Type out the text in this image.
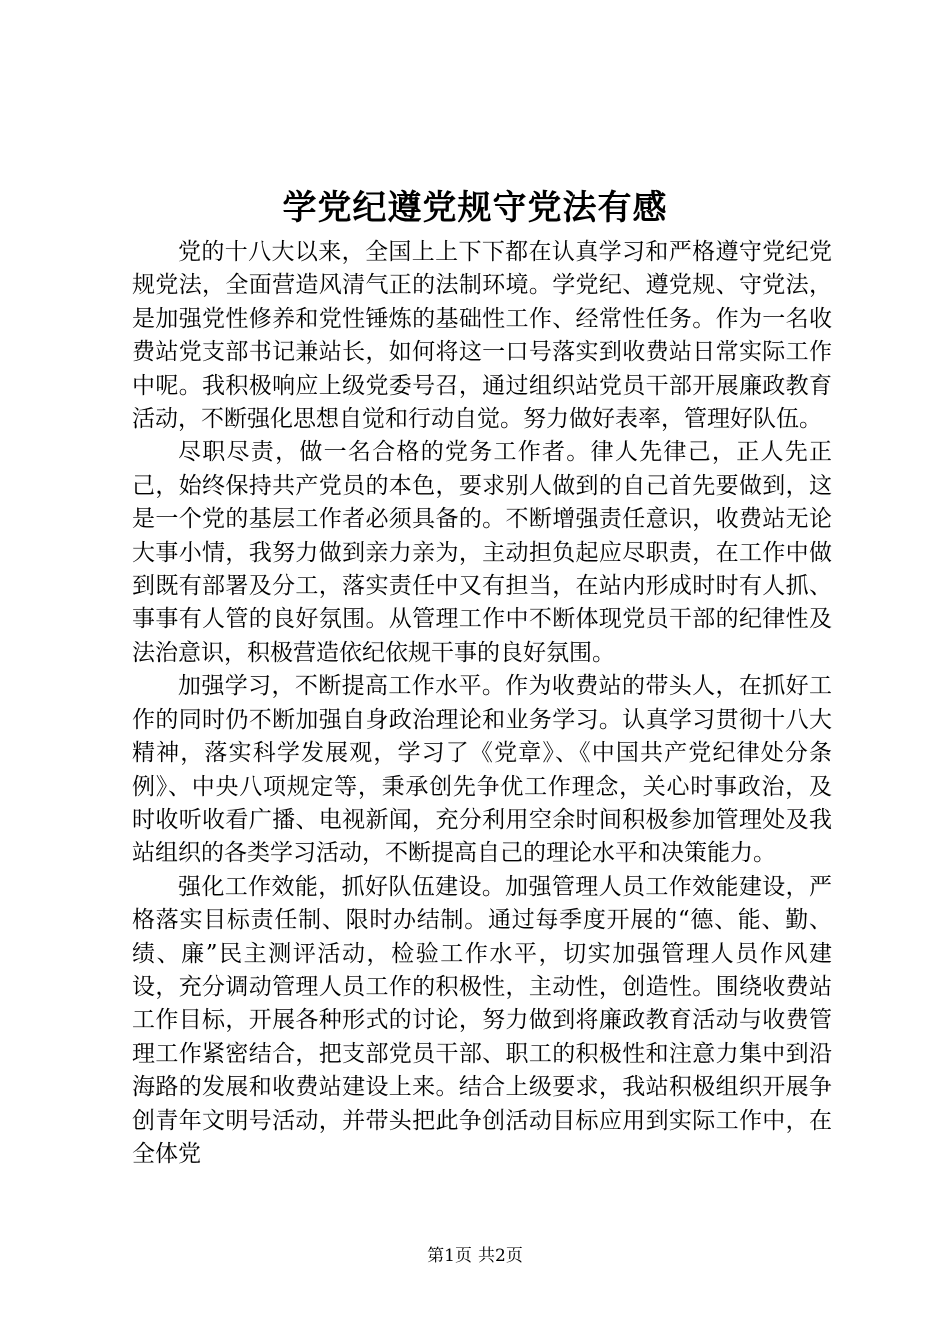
学党纪遵党规守党法有感

党的十八大以来，全国上上下下都在认真学习和严格遵守党纪党规党法，全面营造风清气正的法制环境。学党纪、遵党规、守党法，是加强党性修养和党性锤炼的基础性工作、经常性任务。作为一名收费站党支部书记兼站长，如何将这一口号落实到收费站日常实际工作中呢。我积极响应上级党委号召，通过组织站党员干部开展廉政教育活动，不断强化思想自觉和行动自觉。努力做好表率，管理好队伍。

尽职尽责，做一名合格的党务工作者。律人先律己，正人先正己，始终保持共产党员的本色，要求别人做到的自己首先要做到，这是一个党的基层工作者必须具备的。不断增强责任意识，收费站无论大事小情，我努力做到亲力亲为，主动担负起应尽职责，在工作中做到既有部署及分工，落实责任中又有担当，在站内形成时时有人抓、事事有人管的良好氛围。从管理工作中不断体现党员干部的纪律性及法治意识，积极营造依纪依规干事的良好氛围。

加强学习，不断提高工作水平。作为收费站的带头人，在抓好工作的同时仍不断加强自身政治理论和业务学习。认真学习贯彻十八大精神，落实科学发展观，学习了《党章》、《中国共产党纪律处分条例》、中央八项规定等，秉承创先争优工作理念，关心时事政治，及时收听收看广播、电视新闻，充分利用空余时间积极参加管理处及我站组织的各类学习活动，不断提高自己的理论水平和决策能力。

强化工作效能，抓好队伍建设。加强管理人员工作效能建设，严格落实目标责任制、限时办结制。通过每季度开展的“德、能、勤、绩、廉”民主测评活动，检验工作水平，切实加强管理人员作风建设，充分调动管理人员工作的积极性，主动性，创造性。围绕收费站工作目标，开展各种形式的讨论，努力做到将廉政教育活动与收费管理工作紧密结合，把支部党员干部、职工的积极性和注意力集中到沿海路的发展和收费站建设上来。结合上级要求，我站积极组织开展争创青年文明号活动，并带头把此争创活动目标应用到实际工作中，在全体党

第1页 共2页
